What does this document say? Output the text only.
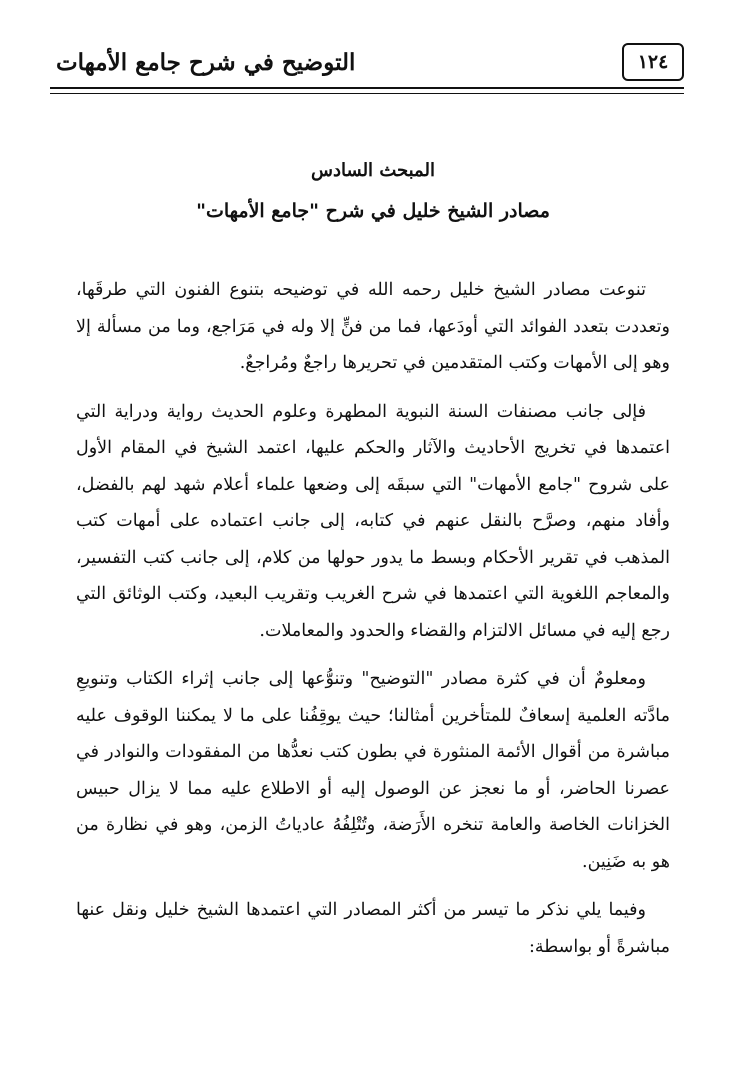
١٢٤
التوضيح في شرح جامع الأمهات
المبحث السادس
مصادر الشيخ خليل في شرح "جامع الأمهات"

تنوعت مصادر الشيخ خليل رحمه الله في توضيحه بتنوع الفنون التي طرقَها، وتعددت بتعدد الفوائد التي أودَعها، فما من فنٍّ إلا وله في مَرَاجع، وما من مسألة إلا وهو إلى الأمهات وكتب المتقدمين في تحريرها راجعٌ ومُراجعٌ.

فإلى جانب مصنفات السنة النبوية المطهرة وعلوم الحديث رواية ودراية التي اعتمدها في تخريج الأحاديث والآثار والحكم عليها، اعتمد الشيخ في المقام الأول على شروح "جامع الأمهات" التي سبقَه إلى وضعها علماء أعلام شهد لهم بالفضل، وأفاد منهم، وصرَّح بالنقل عنهم في كتابه، إلى جانب اعتماده على أمهات كتب المذهب في تقرير الأحكام وبسط ما يدور حولها من كلام، إلى جانب كتب التفسير، والمعاجم اللغوية التي اعتمدها في شرح الغريب وتقريب البعيد، وكتب الوثائق التي رجع إليه في مسائل الالتزام والقضاء والحدود والمعاملات.

ومعلومٌ أن في كثرة مصادر "التوضيح" وتنوُّعها إلى جانب إثراء الكتاب وتنويعِ مادَّته العلمية إسعافٌ للمتأخرين أمثالنا؛ حيث يوقِفُنا على ما لا يمكننا الوقوف عليه مباشرة من أقوال الأئمة المنثورة في بطون كتب نعدُّها من المفقودات والنوادر في عصرنا الحاضر، أو ما نعجز عن الوصول إليه أو الاطلاع عليه مما لا يزال حبيس الخزانات الخاصة والعامة تنخره الأَرَضة، وتُتْلِفُهُ عادياتُ الزمن، وهو في نظارة من هو به ضَنِين.

وفيما يلي نذكر ما تيسر من أكثر المصادر التي اعتمدها الشيخ خليل ونقل عنها مباشرةً أو بواسطة:
